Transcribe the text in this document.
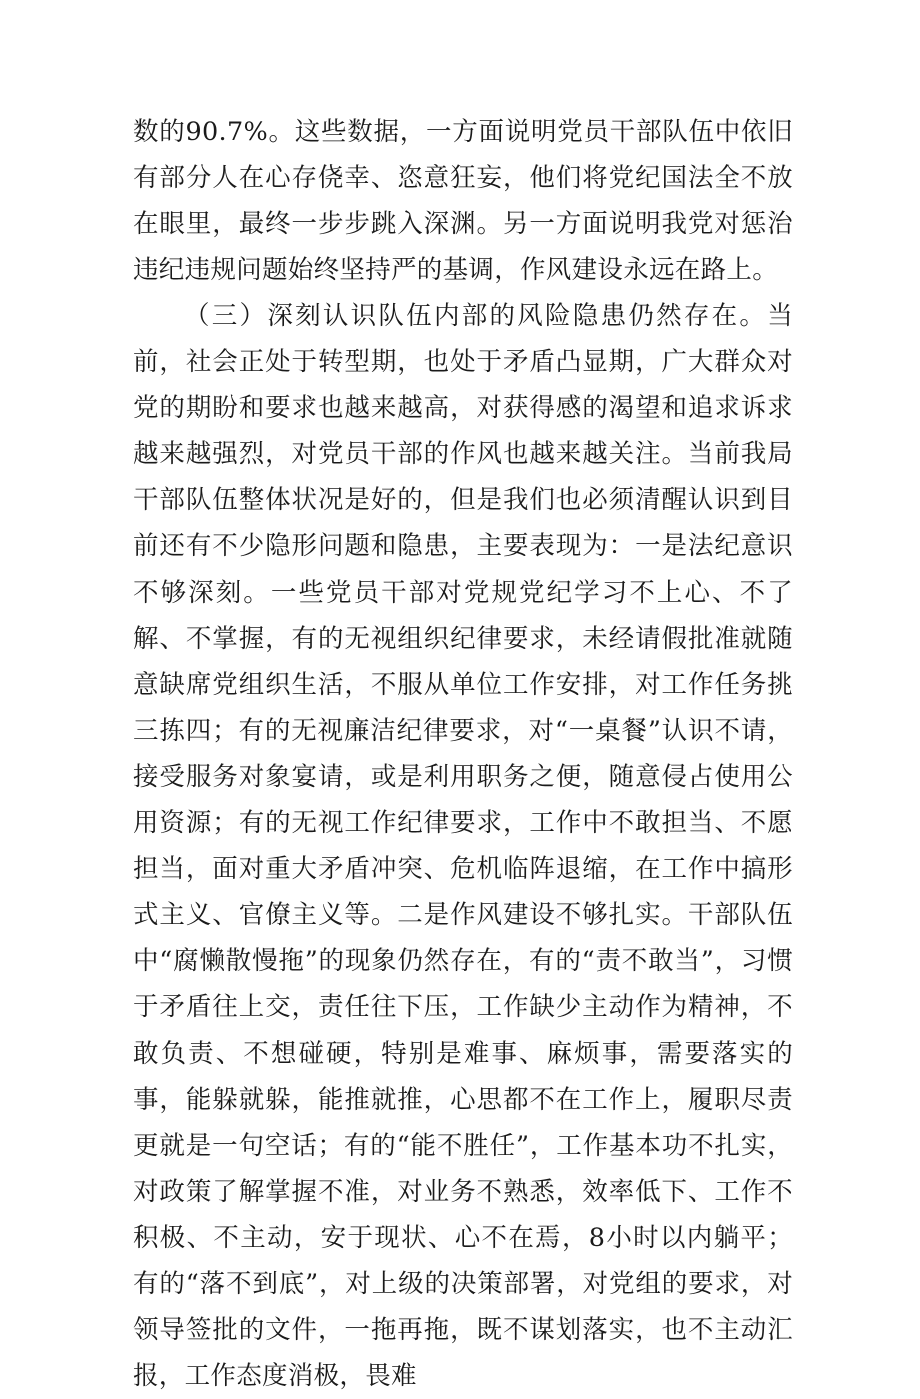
数的90.7%。这些数据，一方面说明党员干部队伍中依旧有部分人在心存侥幸、恣意狂妄，他们将党纪国法全不放在眼里，最终一步步跳入深渊。另一方面说明我党对惩治违纪违规问题始终坚持严的基调，作风建设永远在路上。

（三）深刻认识队伍内部的风险隐患仍然存在。当前，社会正处于转型期，也处于矛盾凸显期，广大群众对党的期盼和要求也越来越高，对获得感的渴望和追求诉求越来越强烈，对党员干部的作风也越来越关注。当前我局干部队伍整体状况是好的，但是我们也必须清醒认识到目前还有不少隐形问题和隐患，主要表现为：一是法纪意识不够深刻。一些党员干部对党规党纪学习不上心、不了解、不掌握，有的无视组织纪律要求，未经请假批准就随意缺席党组织生活，不服从单位工作安排，对工作任务挑三拣四；有的无视廉洁纪律要求，对“一桌餐”认识不请，接受服务对象宴请，或是利用职务之便，随意侵占使用公用资源；有的无视工作纪律要求，工作中不敢担当、不愿担当，面对重大矛盾冲突、危机临阵退缩，在工作中搞形式主义、官僚主义等。二是作风建设不够扎实。干部队伍中“腐懒散慢拖”的现象仍然存在，有的“责不敢当”，习惯于矛盾往上交，责任往下压，工作缺少主动作为精神，不敢负责、不想碰硬，特别是难事、麻烦事，需要落实的事，能躲就躲，能推就推，心思都不在工作上，履职尽责更就是一句空话；有的“能不胜任”，工作基本功不扎实，对政策了解掌握不准，对业务不熟悉，效率低下、工作不积极、不主动，安于现状、心不在焉，8小时以内躺平；有的“落不到底”，对上级的决策部署，对党组的要求，对领导签批的文件，一拖再拖，既不谋划落实，也不主动汇报，工作态度消极，畏难
